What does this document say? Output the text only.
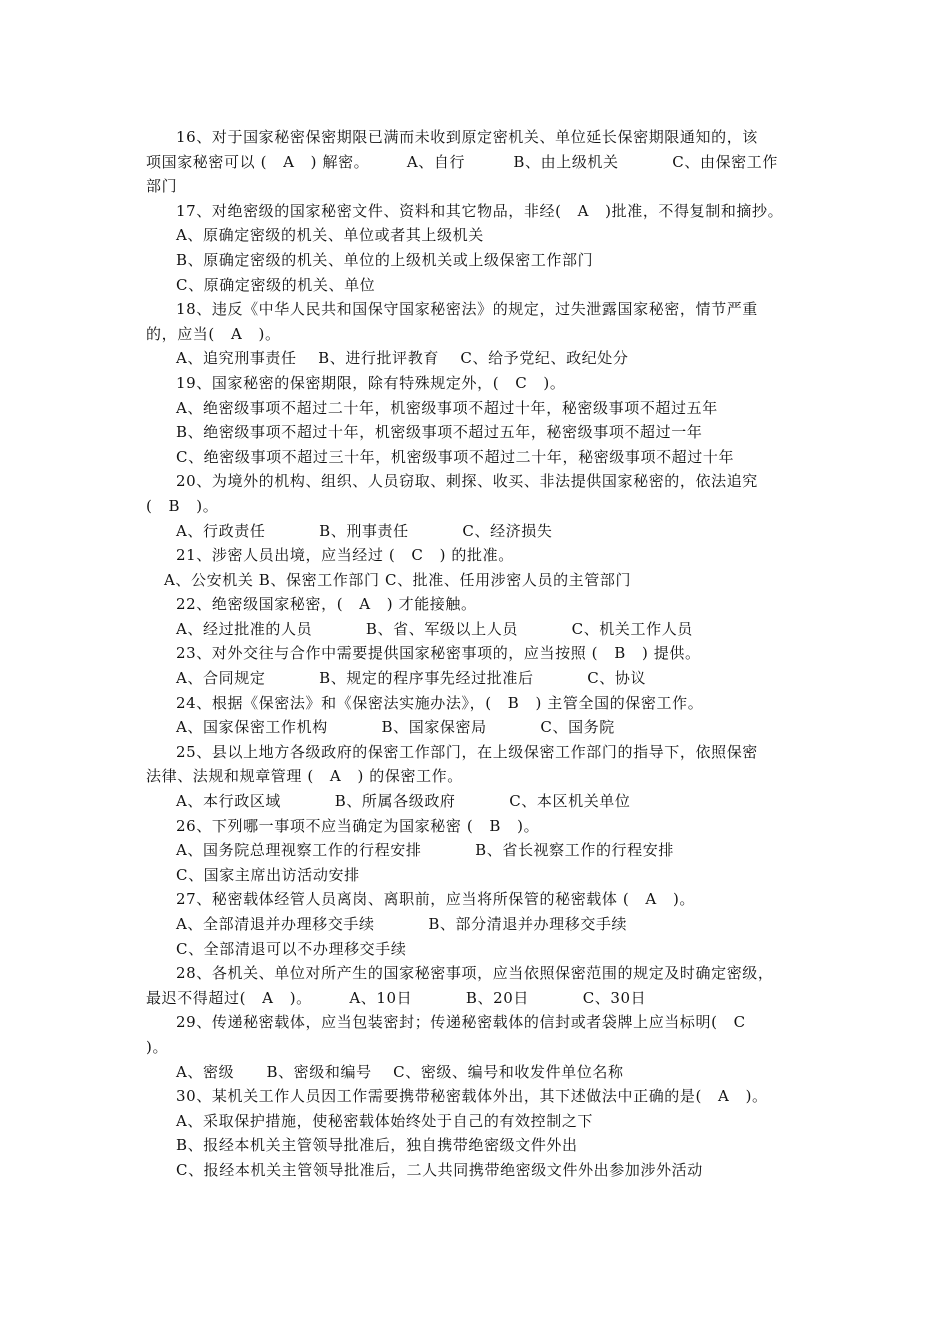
16、对于国家秘密保密期限已满而未收到原定密机关、单位延长保密期限通知的，该
项国家秘密可以 (   A   ) 解密。       A、自行         B、由上级机关          C、由保密工作
部门
17、对绝密级的国家秘密文件、资料和其它物品，非经(   A   )批准，不得复制和摘抄。
A、原确定密级的机关、单位或者其上级机关
B、原确定密级的机关、单位的上级机关或上级保密工作部门
C、原确定密级的机关、单位
18、违反《中华人民共和国保守国家秘密法》的规定，过失泄露国家秘密，情节严重
的，应当(   A   )。
A、追究刑事责任    B、进行批评教育    C、给予党纪、政纪处分
19、国家秘密的保密期限，除有特殊规定外，(   C   )。
A、绝密级事项不超过二十年，机密级事项不超过十年，秘密级事项不超过五年
B、绝密级事项不超过十年，机密级事项不超过五年，秘密级事项不超过一年
C、绝密级事项不超过三十年，机密级事项不超过二十年，秘密级事项不超过十年
20、为境外的机构、组织、人员窃取、刺探、收买、非法提供国家秘密的，依法追究
(   B   )。
A、行政责任          B、刑事责任          C、经济损失
21、涉密人员出境，应当经过 (   C   ) 的批准。
A、公安机关 B、保密工作部门 C、批准、任用涉密人员的主管部门
22、绝密级国家秘密，(   A   ) 才能接触。
A、经过批准的人员          B、省、军级以上人员          C、机关工作人员
23、对外交往与合作中需要提供国家秘密事项的，应当按照 (   B   ) 提供。
A、合同规定          B、规定的程序事先经过批准后          C、协议
24、根据《保密法》和《保密法实施办法》，(   B   ) 主管全国的保密工作。
A、国家保密工作机构          B、国家保密局          C、国务院
25、县以上地方各级政府的保密工作部门，在上级保密工作部门的指导下，依照保密
法律、法规和规章管理 (   A   ) 的保密工作。
A、本行政区域          B、所属各级政府          C、本区机关单位
26、下列哪一事项不应当确定为国家秘密 (   B   )。
A、国务院总理视察工作的行程安排          B、省长视察工作的行程安排
C、国家主席出访活动安排
27、秘密载体经管人员离岗、离职前，应当将所保管的秘密载体 (   A   )。
A、全部清退并办理移交手续          B、部分清退并办理移交手续
C、全部清退可以不办理移交手续
28、各机关、单位对所产生的国家秘密事项，应当依照保密范围的规定及时确定密级，
最迟不得超过(   A   )。       A、10日          B、20日          C、30日
29、传递秘密载体，应当包装密封；传递秘密载体的信封或者袋牌上应当标明(   C
)。
A、密级      B、密级和编号    C、密级、编号和收发件单位名称
30、某机关工作人员因工作需要携带秘密载体外出，其下述做法中正确的是(   A   )。
A、采取保护措施，使秘密载体始终处于自己的有效控制之下
B、报经本机关主管领导批准后，独自携带绝密级文件外出
C、报经本机关主管领导批准后，二人共同携带绝密级文件外出参加涉外活动
